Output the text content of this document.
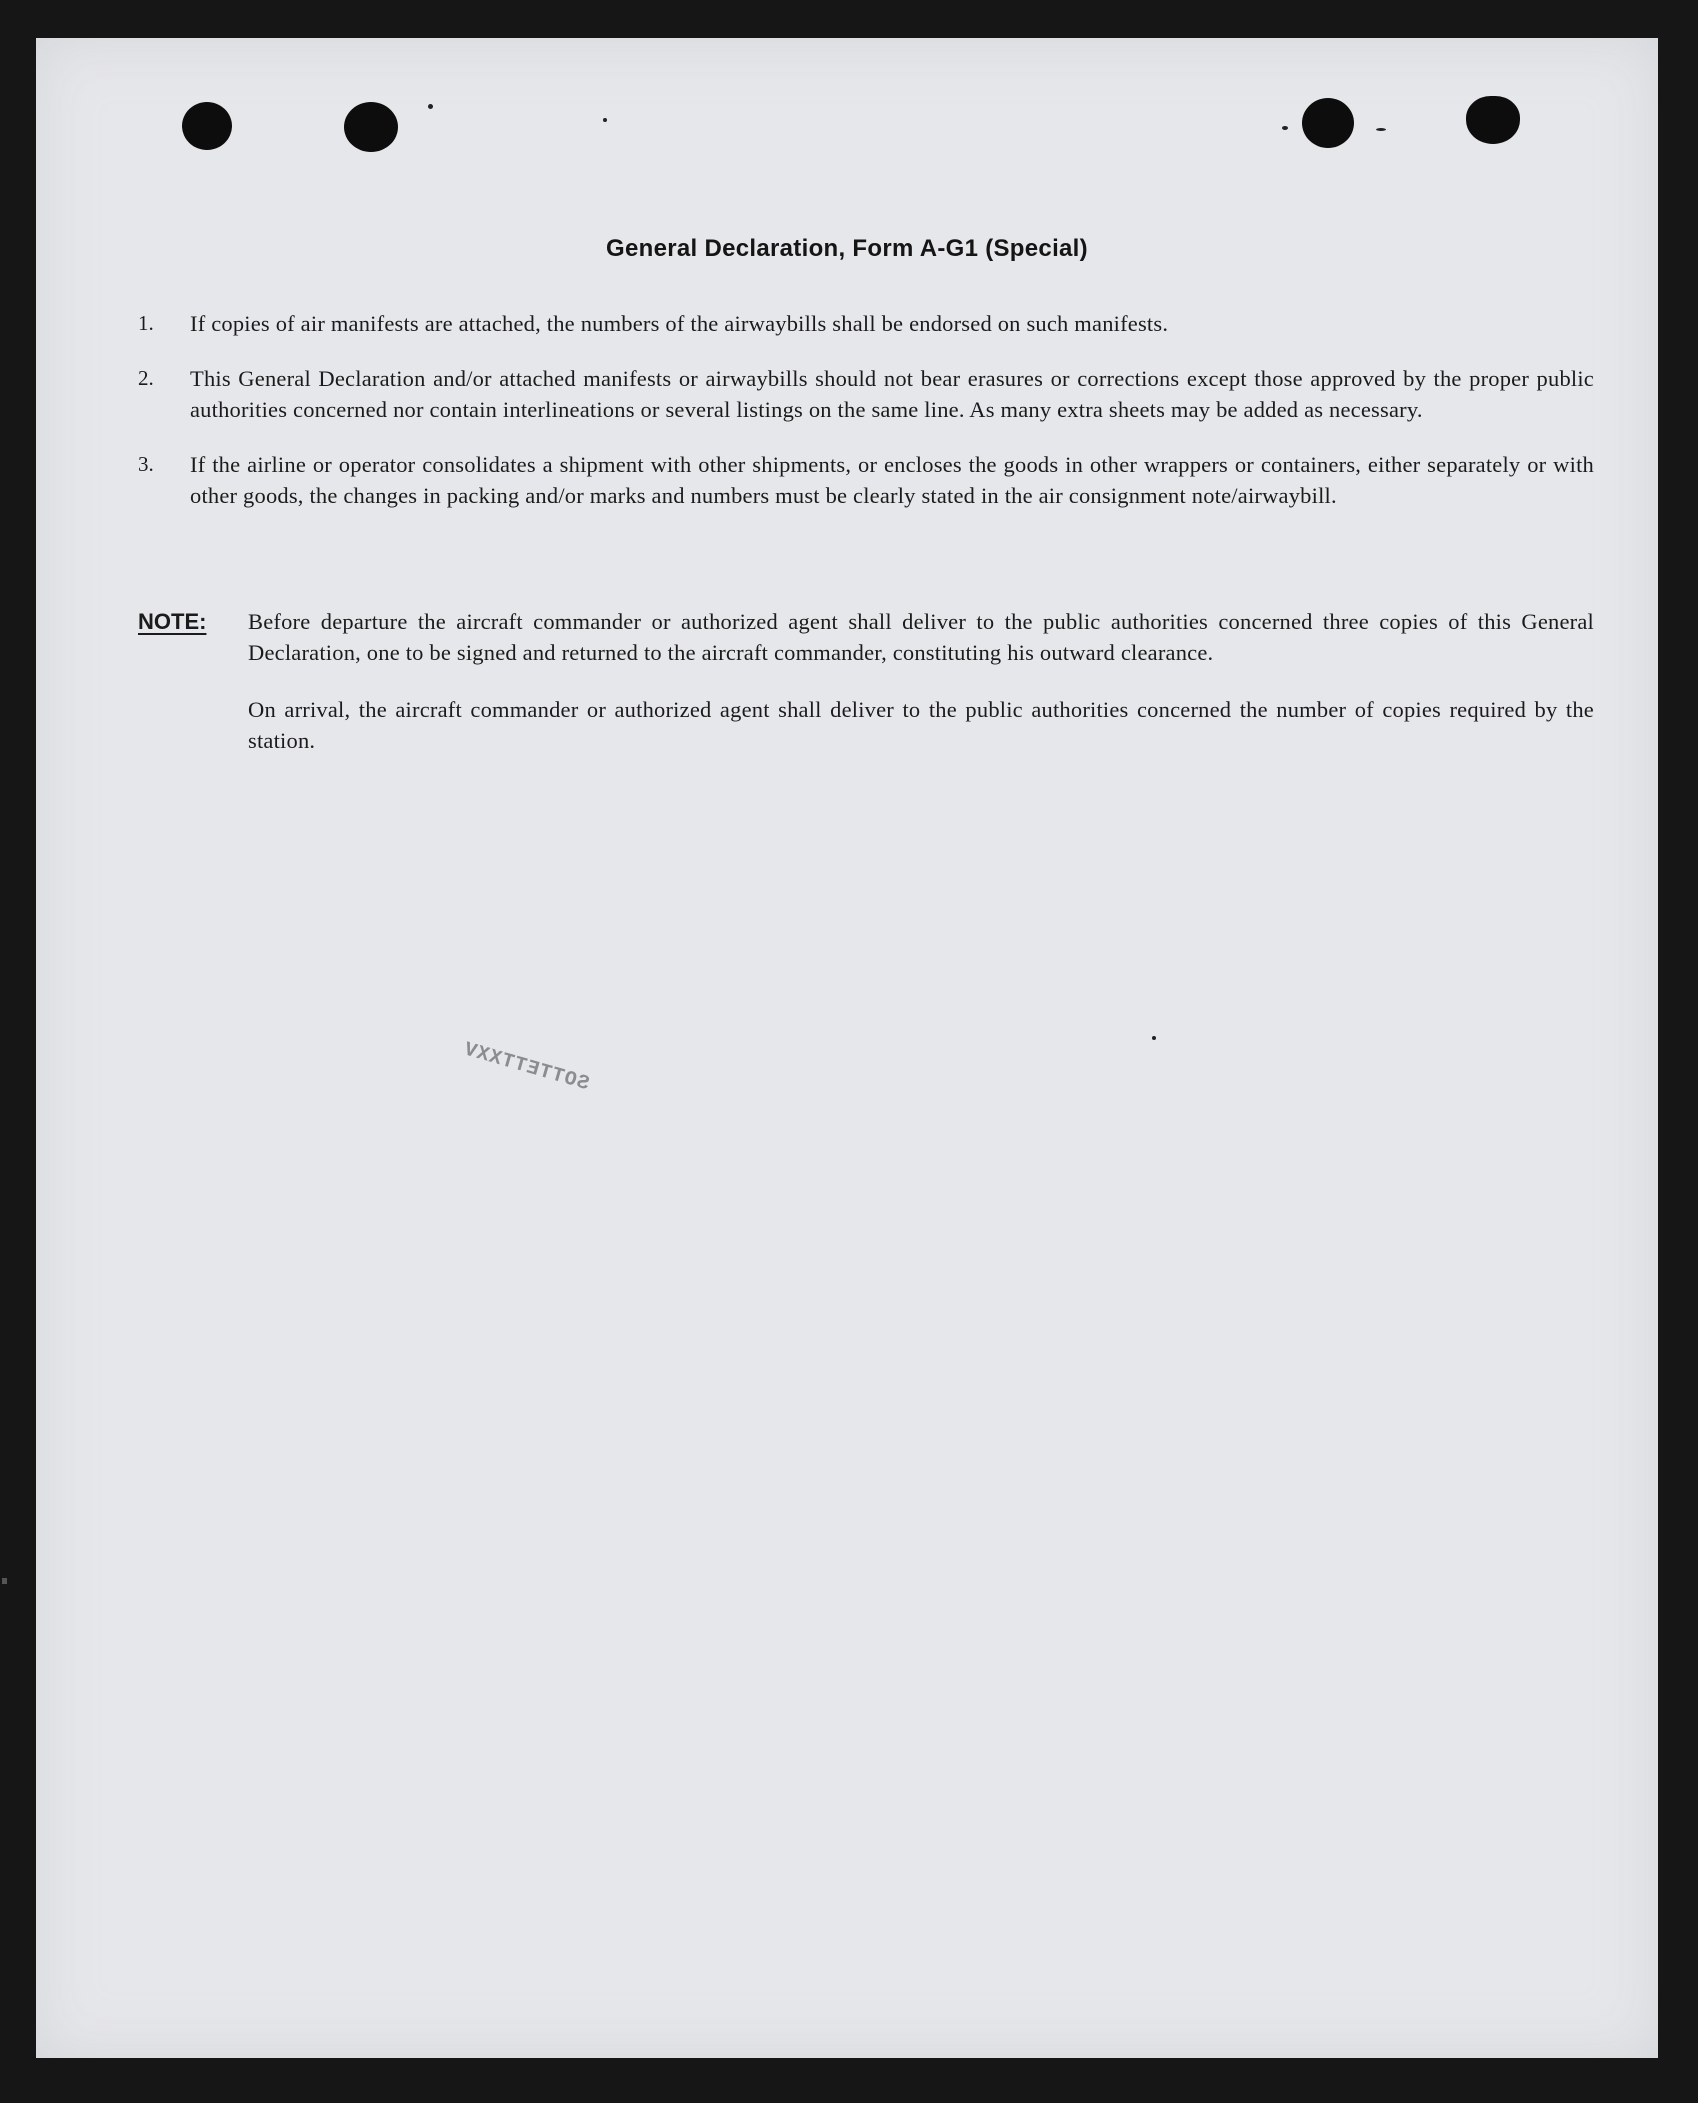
General Declaration, Form A-G1 (Special)
1.	If copies of air manifests are attached, the numbers of the airwaybills shall be endorsed on such manifests.
2.	This General Declaration and/or attached manifests or airwaybills should not bear erasures or corrections except those approved by the proper public authorities concerned nor contain interlineations or several listings on the same line. As many extra sheets may be added as necessary.
3.	If the airline or operator consolidates a shipment with other shipments, or encloses the goods in other wrappers or containers, either separately or with other goods, the changes in packing and/or marks and numbers must be clearly stated in the air consignment note/airwaybill.
NOTE:	Before departure the aircraft commander or authorized agent shall deliver to the public authorities concerned three copies of this General Declaration, one to be signed and returned to the aircraft commander, constituting his outward clearance.

On arrival, the aircraft commander or authorized agent shall deliver to the public authorities concerned the number of copies required by the station.

SOTTETTXXV
